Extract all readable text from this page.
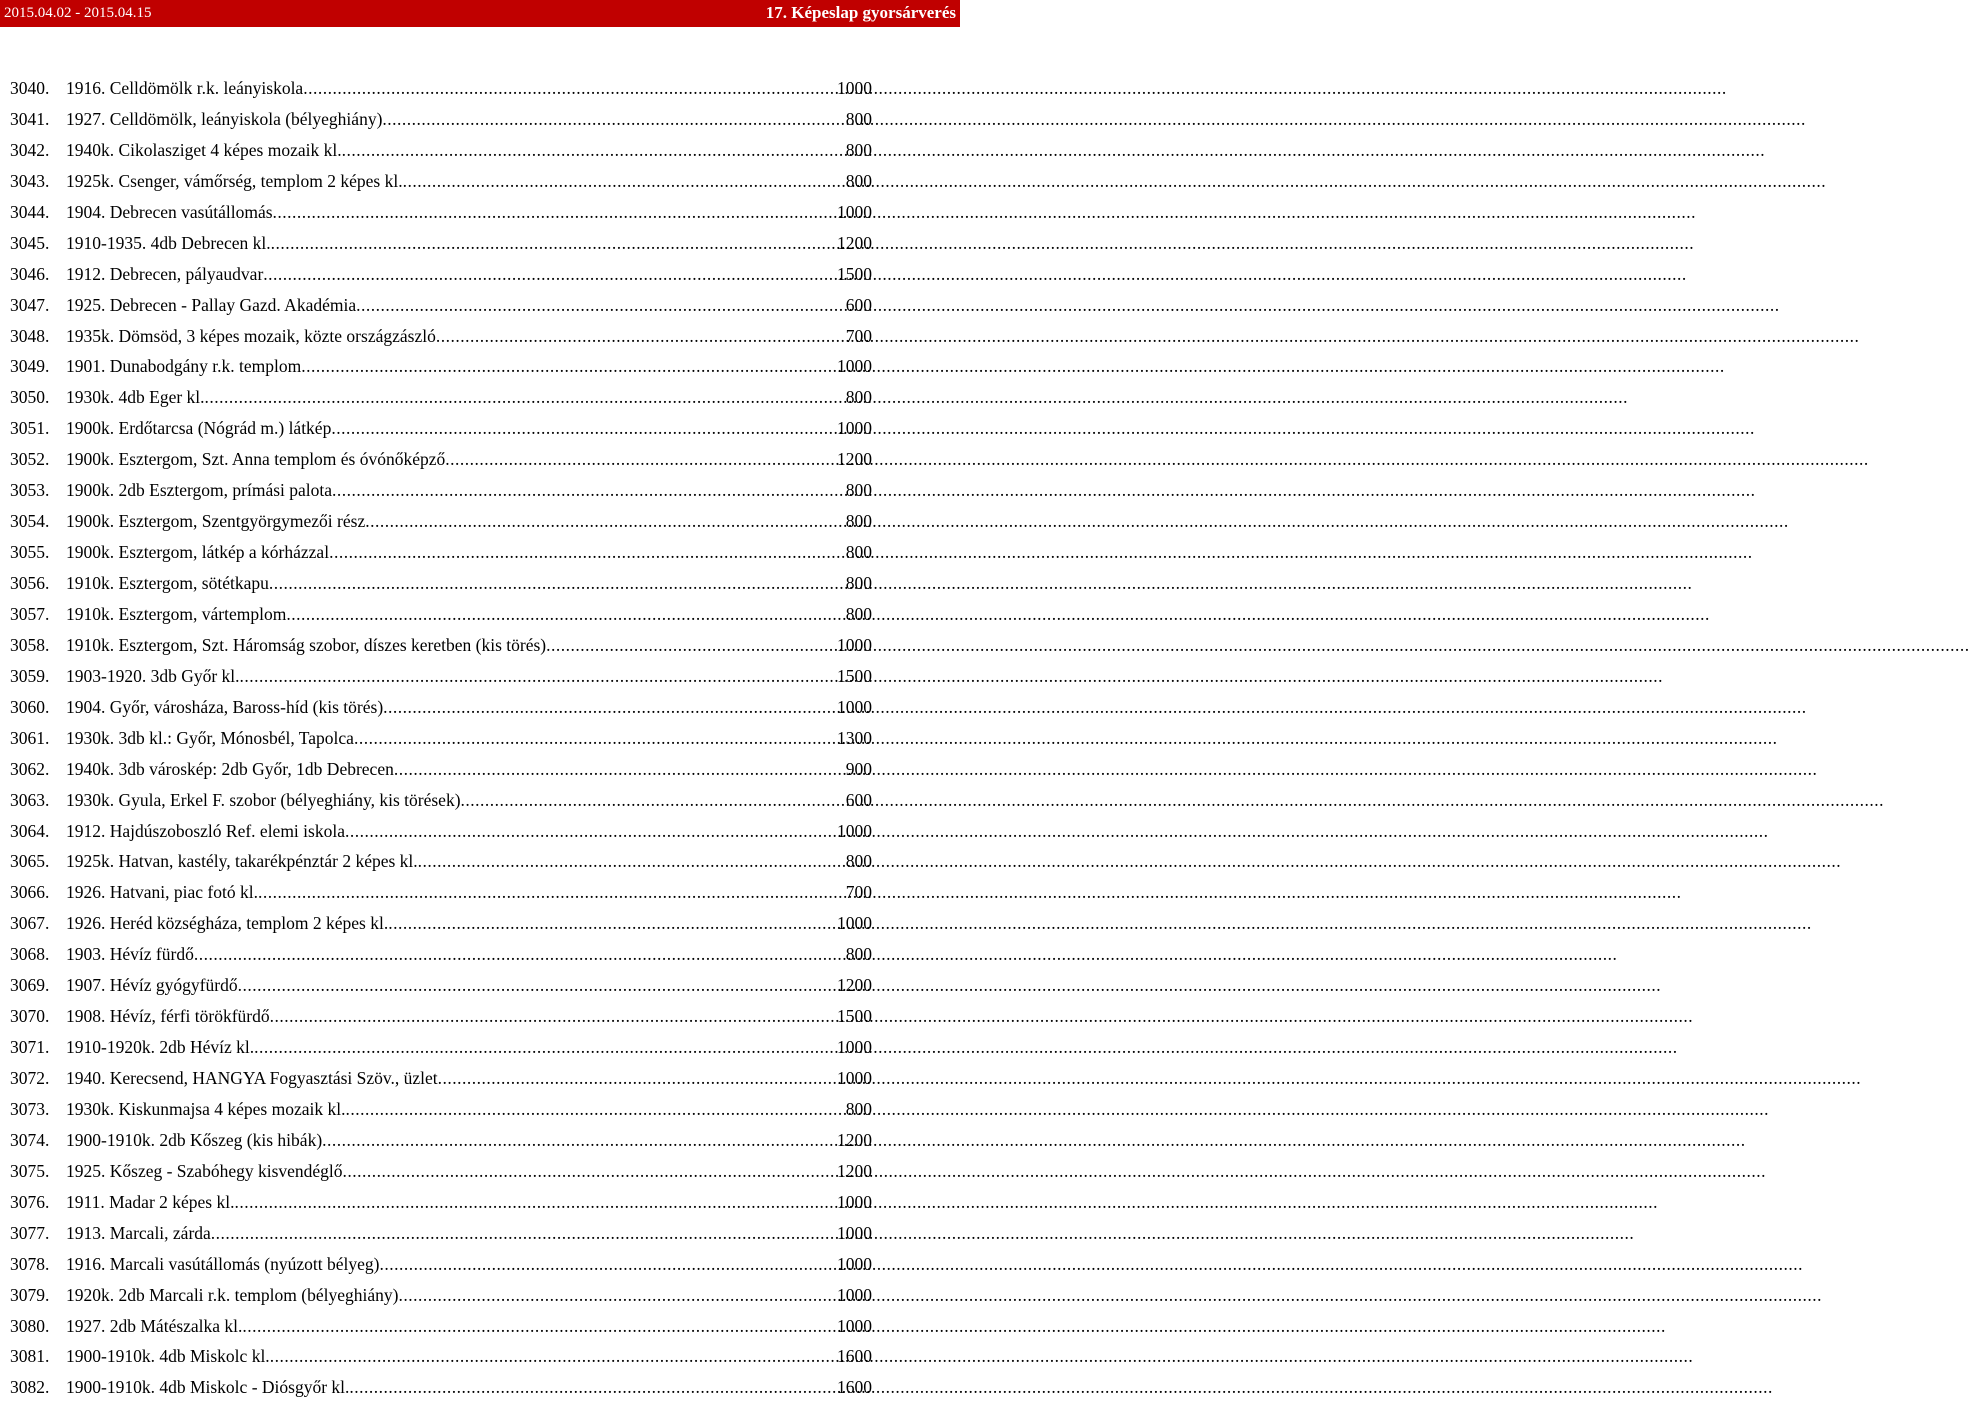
2015.04.02 - 2015.04.15	17. Képeslap gyorsárverés
3040. 1916. Celldömölk r.k. leányiskola .....	1000
3041. 1927. Celldömölk, leányiskola (bélyeghiány) .....	800
3042. 1940k. Cikolasziget 4 képes mozaik kl. .....	800
3043. 1925k. Csenger, vámőrség, templom 2 képes kl. .....	800
3044. 1904. Debrecen vasútállomás .....	1000
3045. 1910-1935. 4db Debrecen kl. .....	1200
3046. 1912. Debrecen, pályaudvar .....	1500
3047. 1925. Debrecen - Pallay Gazd. Akadémia .....	600
3048. 1935k. Dömsöd, 3 képes mozaik, közte országzászló .....	700
3049. 1901. Dunabodgány r.k. templom .....	1000
3050. 1930k. 4db Eger kl. .....	800
3051. 1900k. Erdőtarcsa (Nógrád m.) látkép .....	1000
3052. 1900k. Esztergom, Szt. Anna templom és óvónőképző .....	1200
3053. 1900k. 2db Esztergom, prímási palota .....	800
3054. 1900k. Esztergom, Szentgyörgymezői rész .....	800
3055. 1900k. Esztergom, látkép a kórházzal .....	800
3056. 1910k. Esztergom, sötétkapu .....	800
3057. 1910k. Esztergom, vártemplom .....	800
3058. 1910k. Esztergom, Szt. Háromság szobor, díszes keretben (kis törés) .....	1000
3059. 1903-1920. 3db Győr kl. .....	1500
3060. 1904. Győr, városháza, Baross-híd (kis törés) .....	1000
3061. 1930k. 3db kl.: Győr, Mónosbél, Tapolca .....	1300
3062. 1940k. 3db városkép: 2db Győr, 1db Debrecen .....	900
3063. 1930k. Gyula, Erkel F. szobor (bélyeghiány, kis törések) .....	600
3064. 1912. Hajdúszoboszló Ref. elemi iskola .....	1000
3065. 1925k. Hatvan, kastély, takarékpénztár 2 képes kl. .....	800
3066. 1926. Hatvani, piac fotó kl. .....	700
3067. 1926. Heréd községháza, templom 2 képes kl. .....	1000
3068. 1903. Hévíz fürdő .....	800
3069. 1907. Hévíz gyógyfürdő .....	1200
3070. 1908. Hévíz, férfi törökfürdő .....	1500
3071. 1910-1920k. 2db Hévíz kl. .....	1000
3072. 1940. Kerecsend, HANGYA Fogyasztási Szöv., üzlet .....	1000
3073. 1930k. Kiskunmajsa 4 képes mozaik kl. .....	800
3074. 1900-1910k. 2db Kőszeg (kis hibák) .....	1200
3075. 1925. Kőszeg - Szabóhegy kisvendéglő .....	1200
3076. 1911. Madar 2 képes kl. .....	1000
3077. 1913. Marcali, zárda .....	1000
3078. 1916. Marcali vasútállomás (nyúzott bélyeg) .....	1000
3079. 1920k. 2db Marcali r.k. templom (bélyeghiány) .....	1000
3080. 1927. 2db Mátészalka kl. .....	1000
3081. 1900-1910k. 4db Miskolc kl. .....	1600
3082. 1900-1910k. 4db Miskolc - Diósgyőr kl. .....	1600
